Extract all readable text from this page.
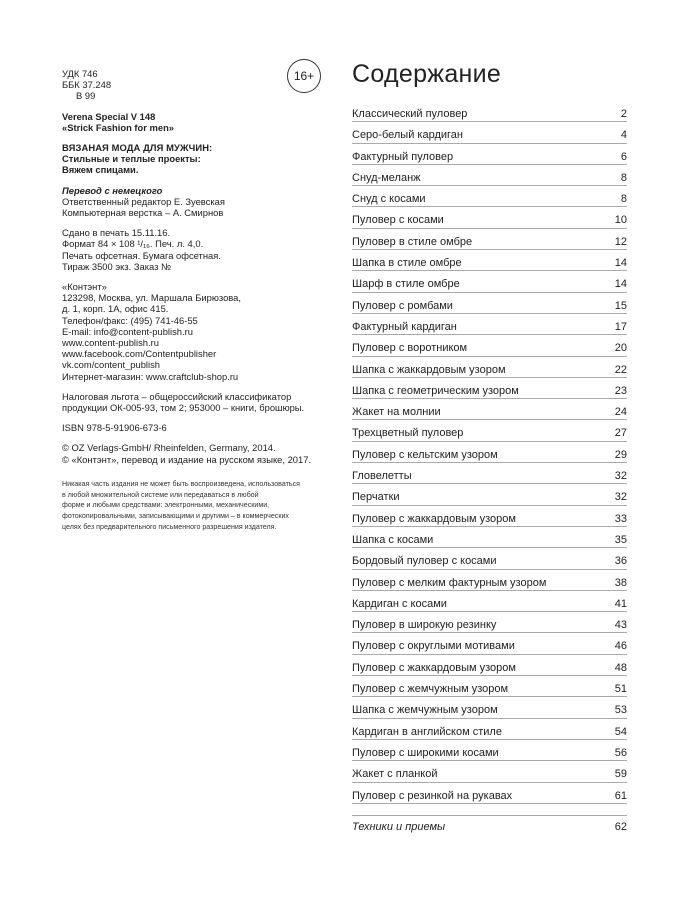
УДК 746
ББК 37.248
В 99
Verena Special V 148
«Strick Fashion for men»
ВЯЗАНАЯ МОДА ДЛЯ МУЖЧИН:
Стильные и теплые проекты:
Вяжем спицами.
Перевод с немецкого
Ответственный редактор Е. Зуевская
Компьютерная верстка – А. Смирнов
Сдано в печать 15.11.16.
Формат 84 × 108 ¹/₁₆. Печ. л. 4,0.
Печать офсетная. Бумага офсетная.
Тираж 3500 экз. Заказ №
«Контэнт»
123298, Москва, ул. Маршала Бирюзова,
д. 1, корп. 1А, офис 415.
Телефон/факс: (495) 741-46-55
E-mail: info@content-publish.ru
www.content-publish.ru
www.facebook.com/Contentpublisher
vk.com/content_publish
Интернет-магазин: www.craftclub-shop.ru
Налоговая льгота – общероссийский классификатор
продукции ОК-005-93, том 2; 953000 – книги, брошюры.
ISBN 978-5-91906-673-6
© OZ Verlags-GmbH/ Rheinfelden, Germany, 2014.
© «Контэнт», перевод и издание на русском языке, 2017.
Никакая часть издания не может быть воспроизведена, использоваться
в любой множительной системе или передаваться в любой
форме и любыми средствами: электронными, механическими,
фотокопировальными, записывающими и другими – в коммерческих
целях без предварительного письменного разрешения издателя.
16+ Содержание
Классический пуловер	2
Серо-белый кардиган	4
Фактурный пуловер	6
Снуд-меланж	8
Снуд с косами	8
Пуловер с косами	10
Пуловер в стиле омбре	12
Шапка в стиле омбре	14
Шарф в стиле омбре	14
Пуловер с ромбами	15
Фактурный кардиган	17
Пуловер с воротником	20
Шапка с жаккардовым узором	22
Шапка с геометрическим узором	23
Жакет на молнии	24
Трехцветный пуловер	27
Пуловер с кельтским узором	29
Гловелетты	32
Перчатки	32
Пуловер с жаккардовым узором	33
Шапка с косами	35
Бордовый пуловер с косами	36
Пуловер с мелким фактурным узором	38
Кардиган с косами	41
Пуловер в широкую резинку	43
Пуловер с округлыми мотивами	46
Пуловер с жаккардовым узором	48
Пуловер с жемчужным узором	51
Шапка с жемчужным узором	53
Кардиган в английском стиле	54
Пуловер с широкими косами	56
Жакет с планкой	59
Пуловер с резинкой на рукавах	61
Техники и приемы	62
